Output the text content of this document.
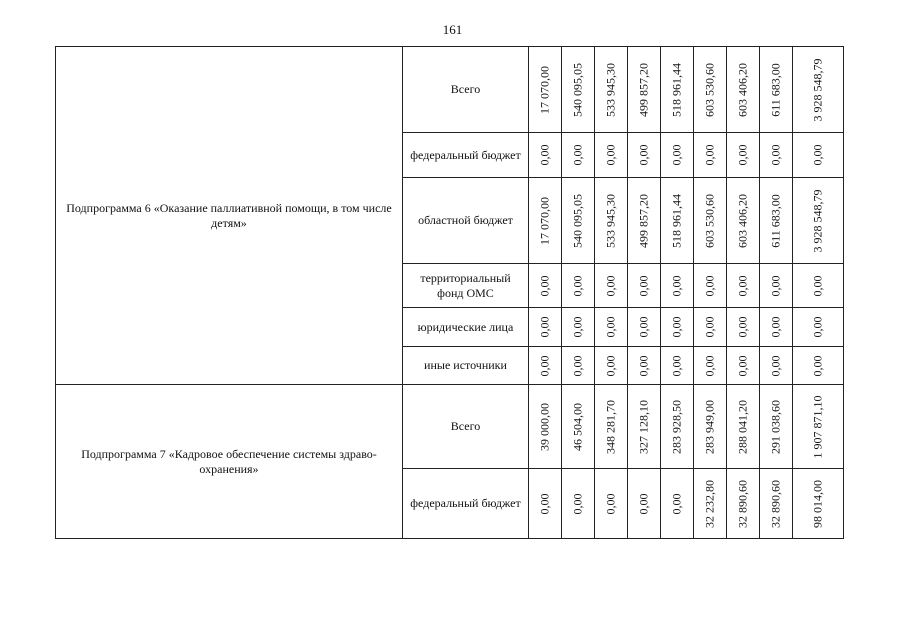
161
Подпрограмма 6 «Оказание паллиативной помощи, в том числе детям»	Всего	17 070,00	540 095,05	533 945,30	499 857,20	518 961,44	603 530,60	603 406,20	611 683,00	3 928 548,79

	федеральный бюджет	0,00	0,00	0,00	0,00	0,00	0,00	0,00	0,00	0,00

	областной бюджет	17 070,00	540 095,05	533 945,30	499 857,20	518 961,44	603 530,60	603 406,20	611 683,00	3 928 548,79

	территориальный фонд ОМС	0,00	0,00	0,00	0,00	0,00	0,00	0,00	0,00	0,00

	юридические лица	0,00	0,00	0,00	0,00	0,00	0,00	0,00	0,00	0,00

	иные источники	0,00	0,00	0,00	0,00	0,00	0,00	0,00	0,00	0,00

Подпрограмма 7 «Кадровое обеспечение системы здраво-охранения»	Всего	39 000,00	46 504,00	348 281,70	327 128,10	283 928,50	283 949,00	288 041,20	291 038,60	1 907 871,10

	федеральный бюджет	0,00	0,00	0,00	0,00	0,00	32 232,80	32 890,60	32 890,60	98 014,00
